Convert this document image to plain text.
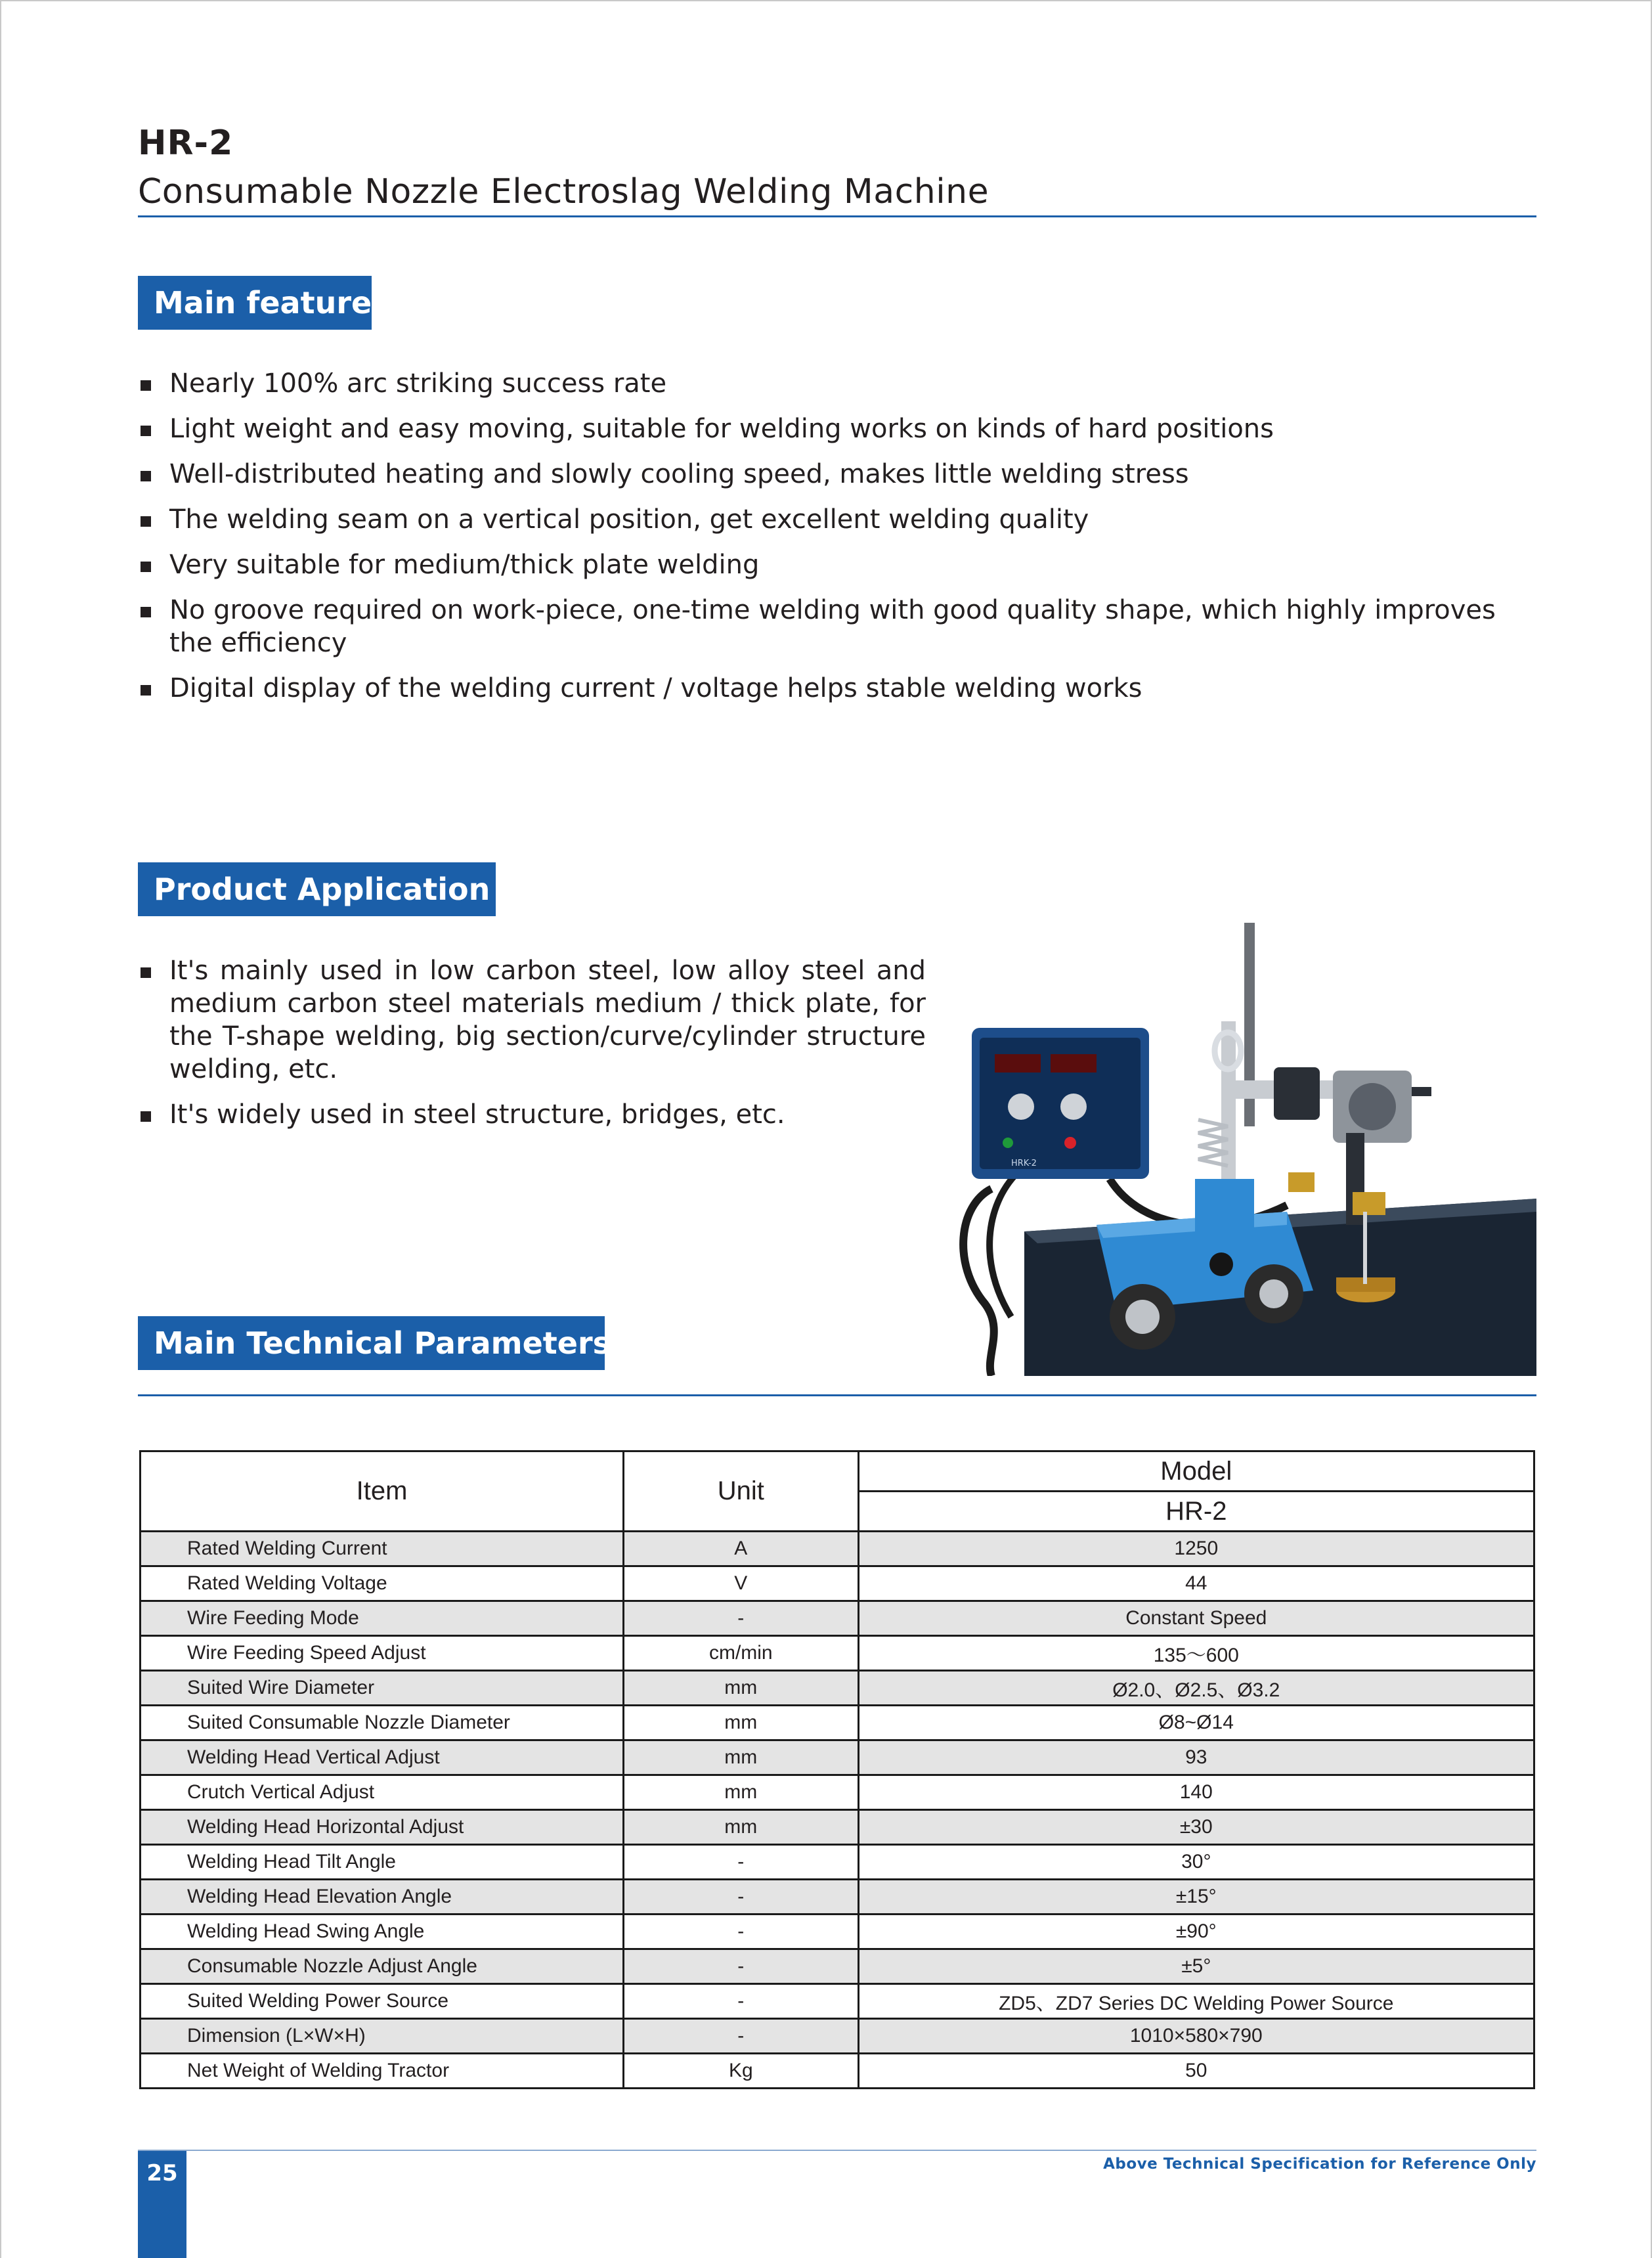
HR-2
Consumable Nozzle Electroslag Welding Machine
Main features
Nearly 100% arc striking success rate
Light weight and easy moving, suitable for welding works on kinds of hard positions
Well-distributed heating and slowly cooling speed, makes little welding stress
The welding seam on a vertical position, get excellent welding quality
Very suitable for medium/thick plate welding
No groove required on work-piece, one-time welding with good quality shape, which highly improves the efficiency
Digital display of the welding current / voltage helps stable welding works
Product Application
It's mainly used in low carbon steel, low alloy steel and medium carbon steel materials medium / thick plate, for the T-shape welding, big section/curve/cylinder structure welding, etc.
It's widely used in steel structure, bridges, etc.
HRK-2
Main Technical Parameters
Item	Unit	Model
		HR-2
Rated Welding Current	A	1250
Rated Welding Voltage	V	44
Wire Feeding Mode	-	Constant Speed
Wire Feeding Speed Adjust	cm/min	135～600
Suited Wire Diameter	mm	Ø2.0、Ø2.5、Ø3.2
Suited Consumable Nozzle Diameter	mm	Ø8~Ø14
Welding Head Vertical Adjust	mm	93
Crutch Vertical Adjust	mm	140
Welding Head Horizontal Adjust	mm	±30
Welding Head Tilt Angle	-	30°
Welding Head Elevation Angle	-	±15°
Welding Head Swing Angle	-	±90°
Consumable Nozzle Adjust Angle	-	±5°
Suited Welding Power Source	-	ZD5、ZD7 Series DC Welding Power Source
Dimension (L×W×H)	-	1010×580×790
Net Weight of Welding Tractor	Kg	50
25	Above Technical Specification for Reference Only
